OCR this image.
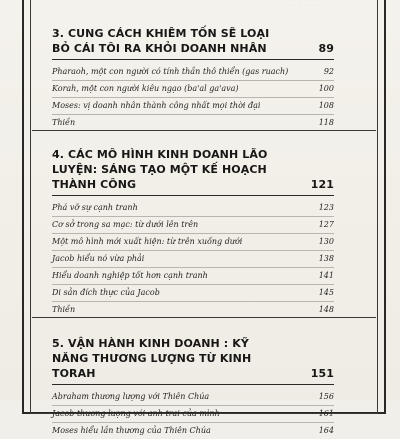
. . . . . . . .
3. CUNG CÁCH KHIÊM TỐN SẼ LOẠI BỎ CÁI TÔI RA KHỎI DOANH NHÂN	89
Pharaoh, một con người có tính thần thô thiển (gas ruach)	92
Korah, một con người kiêu ngạo (ba'al ga'ava)	100
Moses: vị doanh nhân thành công nhất mọi thời đại	108
Thiền	118
4. CÁC MÔ HÌNH KINH DOANH LÃO LUYỆN: SÁNG TẠO MỘT KẾ HOẠCH THÀNH CÔNG	121
Phá vỡ sự cạnh tranh	123
Cơ sở trong sa mạc: từ dưới lên trên	127
Một mô hình mới xuất hiện: từ trên xuống dưới	130
Jacob hiểu nó vừa phải	138
Hiểu doanh nghiệp tốt hơn cạnh tranh	141
Di sản đích thực của Jacob	145
Thiền	148
5. VẬN HÀNH KINH DOANH : KỸ NĂNG THƯƠNG LƯỢNG TỪ KINH TORAH	151
Abraham thương lượng với Thiên Chúa	156
Jacob thương lượng với anh trai của mình	161
Moses hiểu lần thương của Thiên Chúa	164
